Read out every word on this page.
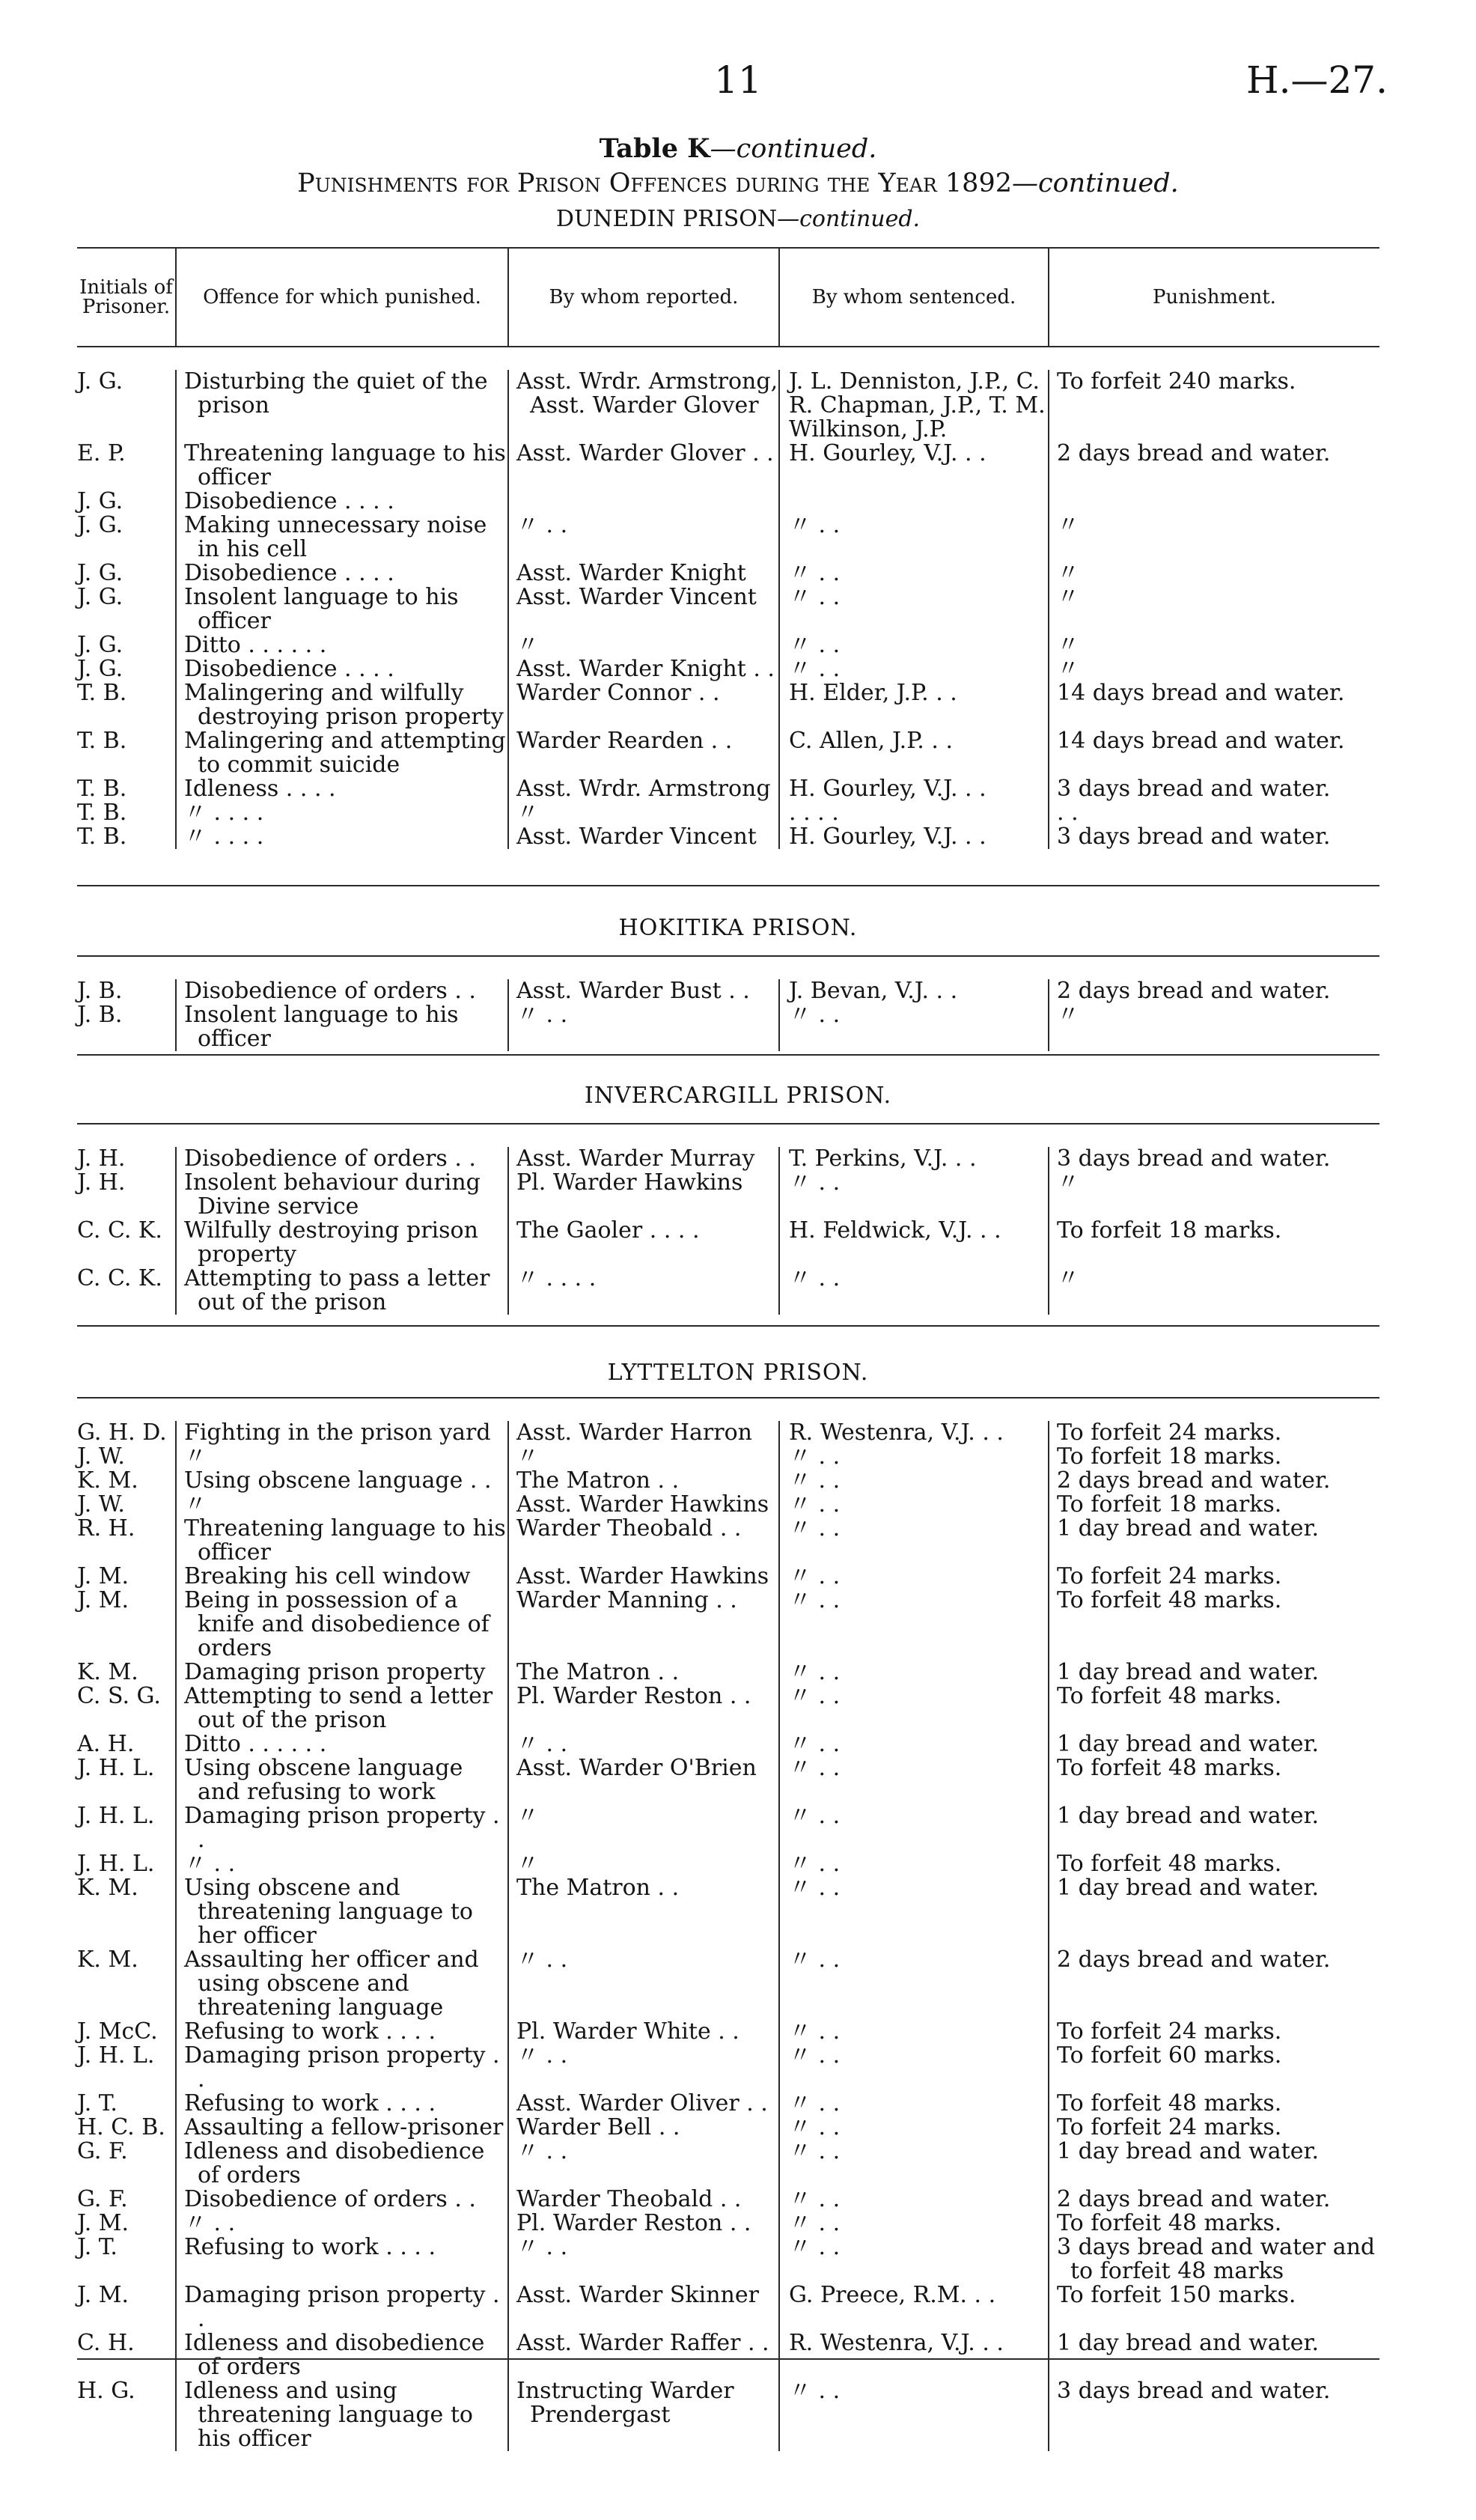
11	H.—27.
Table K—continued.
Punishments for Prison Offences during the Year 1892—continued.
DUNEDIN PRISON—continued.
Initials of Prisoner.	Offence for which punished.	By whom reported.	By whom sentenced.	Punishment.
J. G.	Disturbing the quiet of the prison	Asst. Wrdr. Armstrong, Asst. Warder Glover	J. L. Denniston, J.P., C. R. Chapman, J.P., T. M. Wilkinson, J.P.	To forfeit 240 marks.
E. P.	Threatening language to his officer	Asst. Warder Glover . .	H. Gourley, V.J. . .	2 days bread and water.
J. G.	Disobedience . . . .			
J. G.	Making unnecessary noise in his cell	〃 . .	〃 . .	〃
J. G.	Disobedience . . . .	Asst. Warder Knight	〃 . .	〃
J. G.	Insolent language to his officer	Asst. Warder Vincent	〃 . .	〃
J. G.	Ditto . . . . . .	〃	〃 . .	〃
J. G.	Disobedience . . . .	Asst. Warder Knight . .	〃 . .	〃
T. B.	Malingering and wilfully destroying prison property	Warder Connor . .	H. Elder, J.P. . .	14 days bread and water.
T. B.	Malingering and attempting to commit suicide	Warder Rearden . .	C. Allen, J.P. . .	14 days bread and water.
T. B.	Idleness . . . .	Asst. Wrdr. Armstrong	H. Gourley, V.J. . .	3 days bread and water.
T. B.	〃 . . . .	〃	. . . .	. .
T. B.	〃 . . . .	Asst. Warder Vincent	H. Gourley, V.J. . .	3 days bread and water.
HOKITIKA PRISON.
J. B.	Disobedience of orders . .	Asst. Warder Bust . .	J. Bevan, V.J. . .	2 days bread and water.
J. B.	Insolent language to his officer	〃 . .	〃 . .	〃
INVERCARGILL PRISON.
J. H.	Disobedience of orders . .	Asst. Warder Murray	T. Perkins, V.J. . .	3 days bread and water.
J. H.	Insolent behaviour during Divine service	Pl. Warder Hawkins	〃 . .	〃
C. C. K.	Wilfully destroying prison property	The Gaoler . . . .	H. Feldwick, V.J. . .	To forfeit 18 marks.
C. C. K.	Attempting to pass a letter out of the prison	〃 . . . .	〃 . .	〃
LYTTELTON PRISON.
G. H. D.	Fighting in the prison yard	Asst. Warder Harron	R. Westenra, V.J. . .	To forfeit 24 marks.
J. W.	〃	〃	〃 . .	To forfeit 18 marks.
K. M.	Using obscene language . .	The Matron . .	〃 . .	2 days bread and water.
J. W.	〃	Asst. Warder Hawkins	〃 . .	To forfeit 18 marks.
R. H.	Threatening language to his officer	Warder Theobald . .	〃 . .	1 day bread and water.
J. M.	Breaking his cell window	Asst. Warder Hawkins	〃 . .	To forfeit 24 marks.
J. M.	Being in possession of a knife and disobedience of orders	Warder Manning . .	〃 . .	To forfeit 48 marks.
K. M.	Damaging prison property	The Matron . .	〃 . .	1 day bread and water.
C. S. G.	Attempting to send a letter out of the prison	Pl. Warder Reston . .	〃 . .	To forfeit 48 marks.
A. H.	Ditto . . . . . .	〃 . .	〃 . .	1 day bread and water.
J. H. L.	Using obscene language and refusing to work	Asst. Warder O'Brien	〃 . .	To forfeit 48 marks.
J. H. L.	Damaging prison property . .	〃	〃 . .	1 day bread and water.
J. H. L.	〃 . .	〃	〃 . .	To forfeit 48 marks.
K. M.	Using obscene and threatening language to her officer	The Matron . .	〃 . .	1 day bread and water.
K. M.	Assaulting her officer and using obscene and threatening language	〃 . .	〃 . .	2 days bread and water.
J. McC.	Refusing to work . . . .	Pl. Warder White . .	〃 . .	To forfeit 24 marks.
J. H. L.	Damaging prison property . .	〃 . .	〃 . .	To forfeit 60 marks.
J. T.	Refusing to work . . . .	Asst. Warder Oliver . .	〃 . .	To forfeit 48 marks.
H. C. B.	Assaulting a fellow-prisoner	Warder Bell . .	〃 . .	To forfeit 24 marks.
G. F.	Idleness and disobedience of orders	〃 . .	〃 . .	1 day bread and water.
G. F.	Disobedience of orders . .	Warder Theobald . .	〃 . .	2 days bread and water.
J. M.	〃 . .	Pl. Warder Reston . .	〃 . .	To forfeit 48 marks.
J. T.	Refusing to work . . . .	〃 . .	〃 . .	3 days bread and water and to forfeit 48 marks
J. M.	Damaging prison property . .	Asst. Warder Skinner	G. Preece, R.M. . .	To forfeit 150 marks.
C. H.	Idleness and disobedience of orders	Asst. Warder Raffer . .	R. Westenra, V.J. . .	1 day bread and water.
H. G.	Idleness and using threatening language to his officer	Instructing Warder Prendergast	〃 . .	3 days bread and water.
